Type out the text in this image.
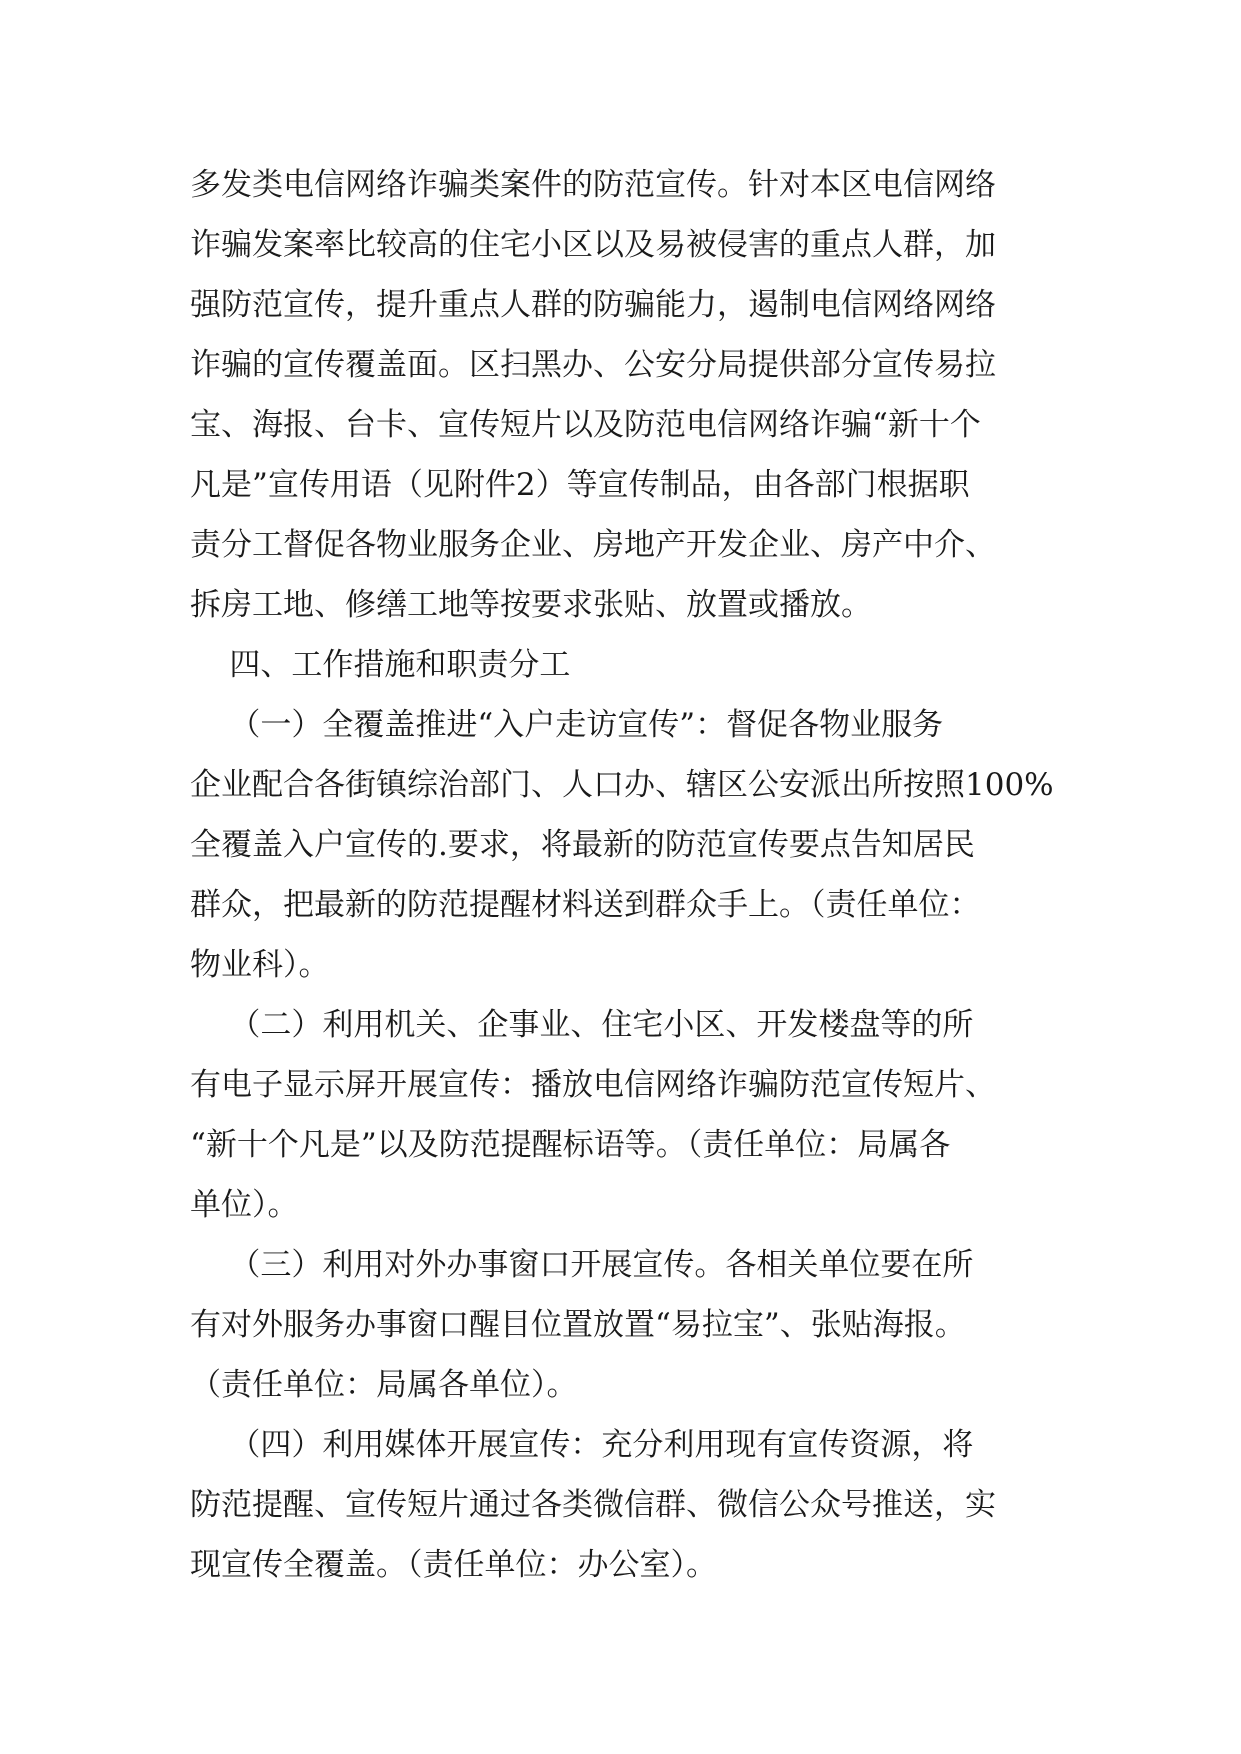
多发类电信网络诈骗类案件的防范宣传。针对本区电信网络
诈骗发案率比较高的住宅小区以及易被侵害的重点人群，加
强防范宣传，提升重点人群的防骗能力，遏制电信网络网络
诈骗的宣传覆盖面。区扫黑办、公安分局提供部分宣传易拉
宝、海报、台卡、宣传短片以及防范电信网络诈骗“新十个
凡是”宣传用语（见附件2）等宣传制品，由各部门根据职
责分工督促各物业服务企业、房地产开发企业、房产中介、
拆房工地、修缮工地等按要求张贴、放置或播放。
四、工作措施和职责分工
（一）全覆盖推进“入户走访宣传”：督促各物业服务
企业配合各街镇综治部门、人口办、辖区公安派出所按照100%
全覆盖入户宣传的.要求，将最新的防范宣传要点告知居民
群众，把最新的防范提醒材料送到群众手上。（责任单位：
物业科）。
（二）利用机关、企事业、住宅小区、开发楼盘等的所
有电子显示屏开展宣传：播放电信网络诈骗防范宣传短片、
“新十个凡是”以及防范提醒标语等。（责任单位：局属各
单位）。
（三）利用对外办事窗口开展宣传。各相关单位要在所
有对外服务办事窗口醒目位置放置“易拉宝”、张贴海报。
（责任单位：局属各单位）。
（四）利用媒体开展宣传：充分利用现有宣传资源，将
防范提醒、宣传短片通过各类微信群、微信公众号推送，实
现宣传全覆盖。（责任单位：办公室）。
